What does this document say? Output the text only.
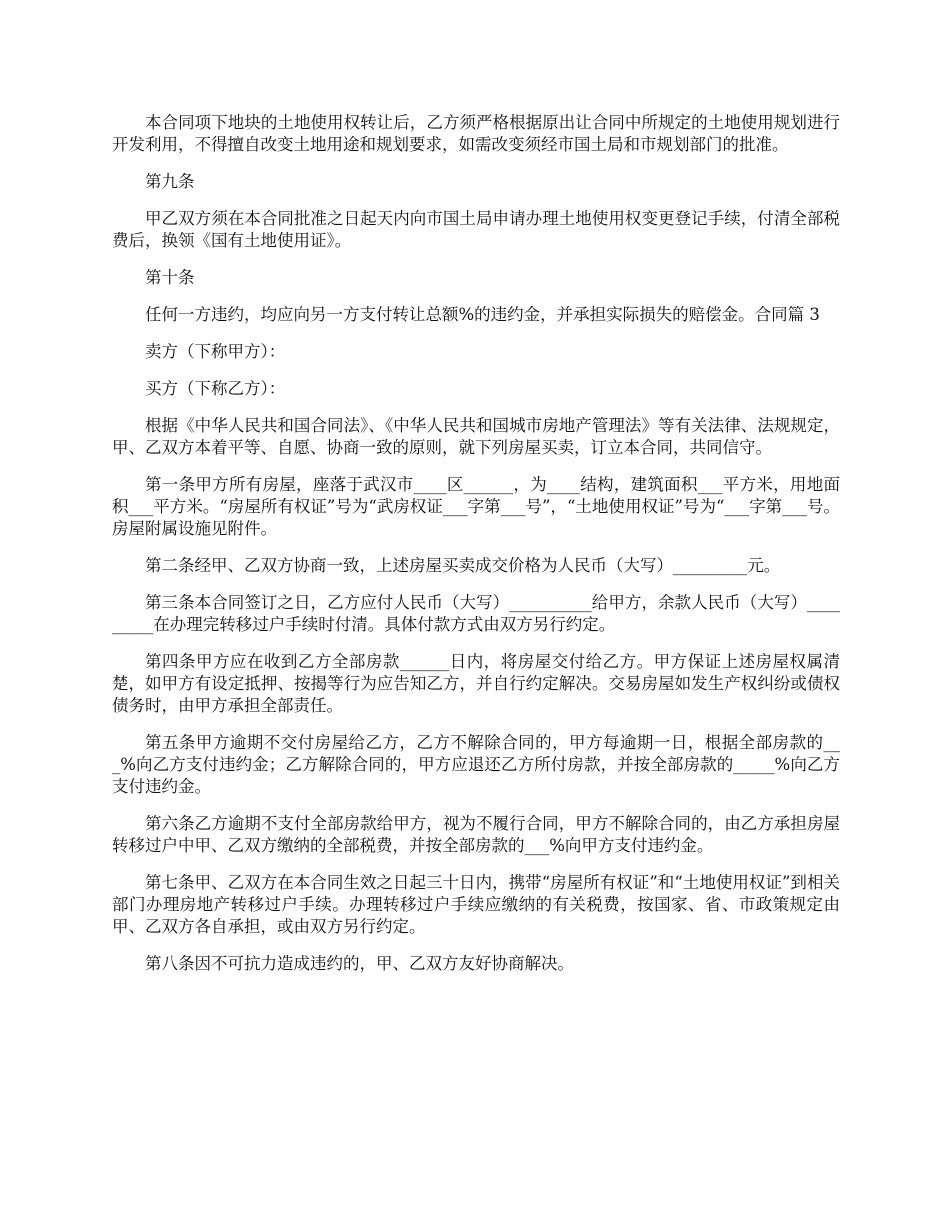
本合同项下地块的土地使用权转让后，乙方须严格根据原出让合同中所规定的土地使用规划进行开发利用，不得擅自改变土地用途和规划要求，如需改变须经市国土局和市规划部门的批准。

第九条

甲乙双方须在本合同批准之日起天内向市国土局申请办理土地使用权变更登记手续，付清全部税费后，换领《国有土地使用证》。

第十条

任何一方违约，均应向另一方支付转让总额%的违约金，并承担实际损失的赔偿金。合同篇 3

卖方（下称甲方）：

买方（下称乙方）：

根据《中华人民共和国合同法》、《中华人民共和国城市房地产管理法》等有关法律、法规规定，甲、乙双方本着平等、自愿、协商一致的原则，就下列房屋买卖，订立本合同，共同信守。

第一条甲方所有房屋，座落于武汉市____区______，为____结构，建筑面积___平方米，用地面积___平方米。“房屋所有权证”号为“武房权证___字第___号”，“土地使用权证”号为“___字第___号。房屋附属设施见附件。

第二条经甲、乙双方协商一致，上述房屋买卖成交价格为人民币（大写）_________元。

第三条本合同签订之日，乙方应付人民币（大写）__________给甲方，余款人民币（大写）_________在办理完转移过户手续时付清。具体付款方式由双方另行约定。

第四条甲方应在收到乙方全部房款______日内，将房屋交付给乙方。甲方保证上述房屋权属清楚，如甲方有设定抵押、按揭等行为应告知乙方，并自行约定解决。交易房屋如发生产权纠纷或债权债务时，由甲方承担全部责任。

第五条甲方逾期不交付房屋给乙方，乙方不解除合同的，甲方每逾期一日，根据全部房款的___%向乙方支付违约金；乙方解除合同的，甲方应退还乙方所付房款，并按全部房款的_____%向乙方支付违约金。

第六条乙方逾期不支付全部房款给甲方，视为不履行合同，甲方不解除合同的，由乙方承担房屋转移过户中甲、乙双方缴纳的全部税费，并按全部房款的___%向甲方支付违约金。

第七条甲、乙双方在本合同生效之日起三十日内，携带“房屋所有权证”和“土地使用权证”到相关部门办理房地产转移过户手续。办理转移过户手续应缴纳的有关税费，按国家、省、市政策规定由甲、乙双方各自承担，或由双方另行约定。

第八条因不可抗力造成违约的，甲、乙双方友好协商解决。
